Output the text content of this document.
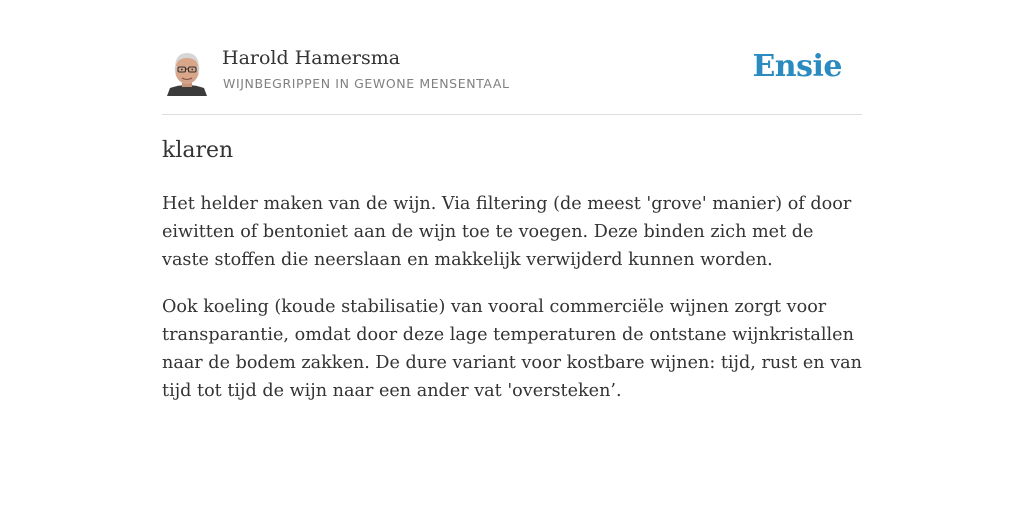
Harold Hamersma
WIJNBEGRIPPEN IN GEWONE MENSENTAAL	Ensie
klaren

Het helder maken van de wijn. Via filtering (de meest 'grove' manier) of door eiwitten of bentoniet aan de wijn toe te voegen. Deze binden zich met de vaste stoffen die neerslaan en makkelijk verwijderd kunnen worden.

Ook koeling (koude stabilisatie) van vooral commerciële wijnen zorgt voor transparantie, omdat door deze lage temperaturen de ontstane wijnkristallen naar de bodem zakken. De dure variant voor kostbare wijnen: tijd, rust en van tijd tot tijd de wijn naar een ander vat 'oversteken’.
